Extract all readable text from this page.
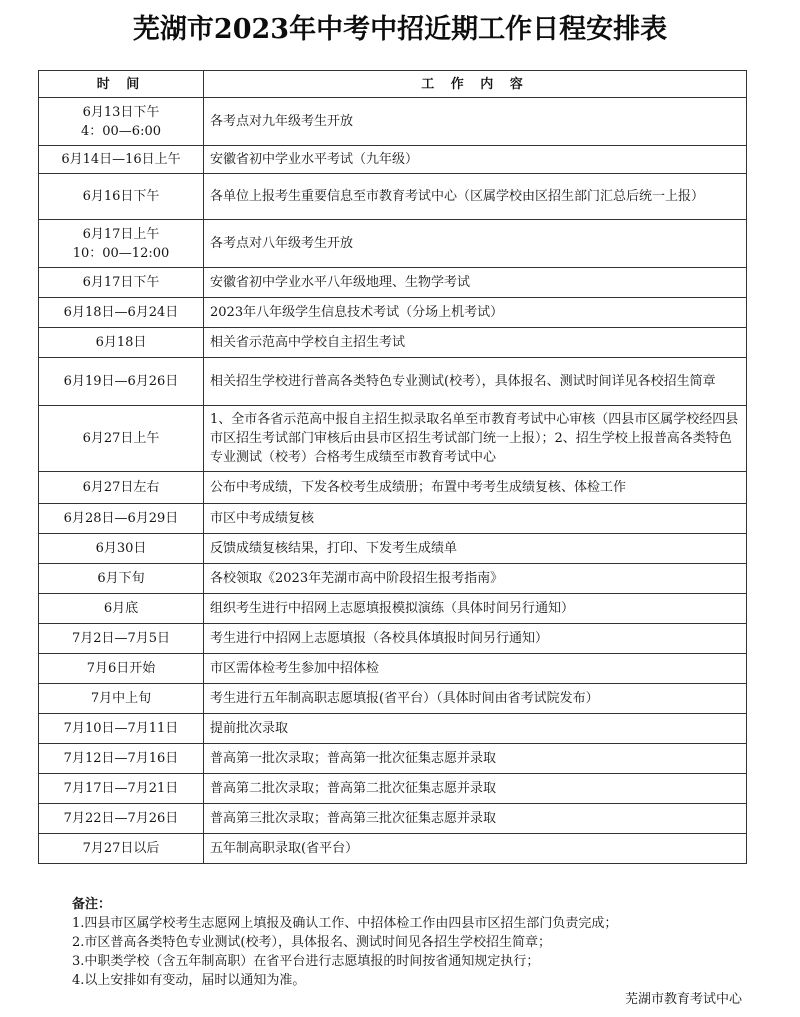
芜湖市2023年中考中招近期工作日程安排表
时 间	工 作 内 容
6月13日下午
4：00—6:00	各考点对九年级考生开放
6月14日—16日上午	安徽省初中学业水平考试（九年级）
6月16日下午	各单位上报考生重要信息至市教育考试中心（区属学校由区招生部门汇总后统一上报）
6月17日上午
10：00—12:00	各考点对八年级考生开放
6月17日下午	安徽省初中学业水平八年级地理、生物学考试
6月18日—6月24日	2023年八年级学生信息技术考试（分场上机考试）
6月18日	相关省示范高中学校自主招生考试
6月19日—6月26日	相关招生学校进行普高各类特色专业测试(校考），具体报名、测试时间详见各校招生简章
6月27日上午	1、全市各省示范高中报自主招生拟录取名单至市教育考试中心审核（四县市区属学校经四县市区招生考试部门审核后由县市区招生考试部门统一上报）；2、招生学校上报普高各类特色专业测试（校考）合格考生成绩至市教育考试中心
6月27日左右	公布中考成绩，下发各校考生成绩册；布置中考考生成绩复核、体检工作
6月28日—6月29日	市区中考成绩复核
6月30日	反馈成绩复核结果，打印、下发考生成绩单
6月下旬	各校领取《2023年芜湖市高中阶段招生报考指南》
6月底	组织考生进行中招网上志愿填报模拟演练（具体时间另行通知）
7月2日—7月5日	考生进行中招网上志愿填报（各校具体填报时间另行通知）
7月6日开始	市区需体检考生参加中招体检
7月中上旬	考生进行五年制高职志愿填报(省平台）（具体时间由省考试院发布）
7月10日—7月11日	提前批次录取
7月12日—7月16日	普高第一批次录取；普高第一批次征集志愿并录取
7月17日—7月21日	普高第二批次录取；普高第二批次征集志愿并录取
7月22日—7月26日	普高第三批次录取；普高第三批次征集志愿并录取
7月27日以后	五年制高职录取(省平台）
备注：
1.四县市区属学校考生志愿网上填报及确认工作、中招体检工作由四县市区招生部门负责完成；
2.市区普高各类特色专业测试(校考），具体报名、测试时间见各招生学校招生简章；
3.中职类学校（含五年制高职）在省平台进行志愿填报的时间按省通知规定执行；
4.以上安排如有变动，届时以通知为准。
芜湖市教育考试中心
